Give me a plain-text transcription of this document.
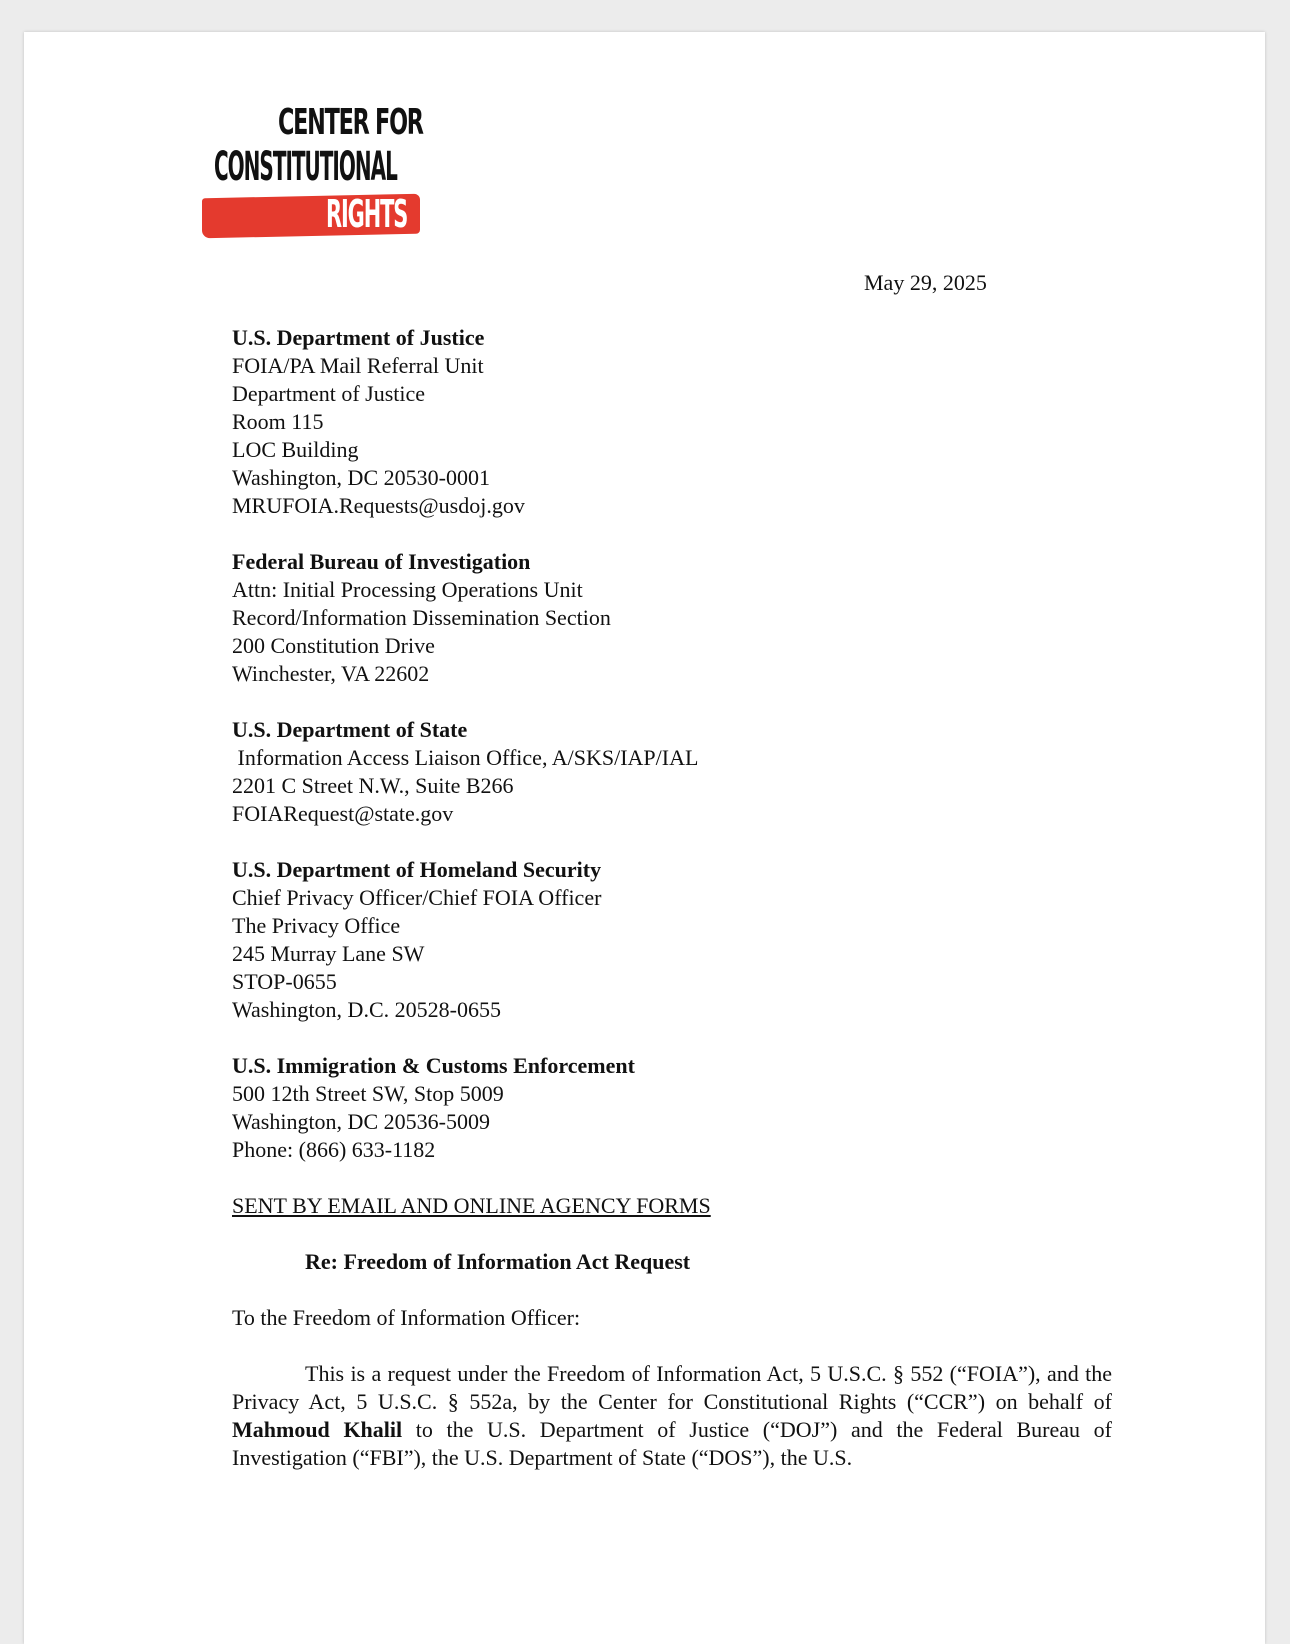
CENTER FOR
CONSTITUTIONAL
RIGHTS
May 29, 2025
U.S. Department of Justice
FOIA/PA Mail Referral Unit
Department of Justice
Room 115
LOC Building
Washington, DC 20530-0001
MRUFOIA.Requests@usdoj.gov
Federal Bureau of Investigation
Attn: Initial Processing Operations Unit
Record/Information Dissemination Section
200 Constitution Drive
Winchester, VA 22602
U.S. Department of State
Information Access Liaison Office, A/SKS/IAP/IAL
2201 C Street N.W., Suite B266
FOIARequest@state.gov
U.S. Department of Homeland Security
Chief Privacy Officer/Chief FOIA Officer
The Privacy Office
245 Murray Lane SW
STOP-0655
Washington, D.C. 20528-0655
U.S. Immigration & Customs Enforcement
500 12th Street SW, Stop 5009
Washington, DC 20536-5009
Phone: (866) 633-1182
SENT BY EMAIL AND ONLINE AGENCY FORMS
Re: Freedom of Information Act Request
To the Freedom of Information Officer:
This is a request under the Freedom of Information Act, 5 U.S.C. § 552 (“FOIA”), and the Privacy Act, 5 U.S.C. § 552a, by the Center for Constitutional Rights (“CCR”) on behalf of Mahmoud Khalil to the U.S. Department of Justice (“DOJ”) and the Federal Bureau of Investigation (“FBI”), the U.S. Department of State (“DOS”), the U.S.
